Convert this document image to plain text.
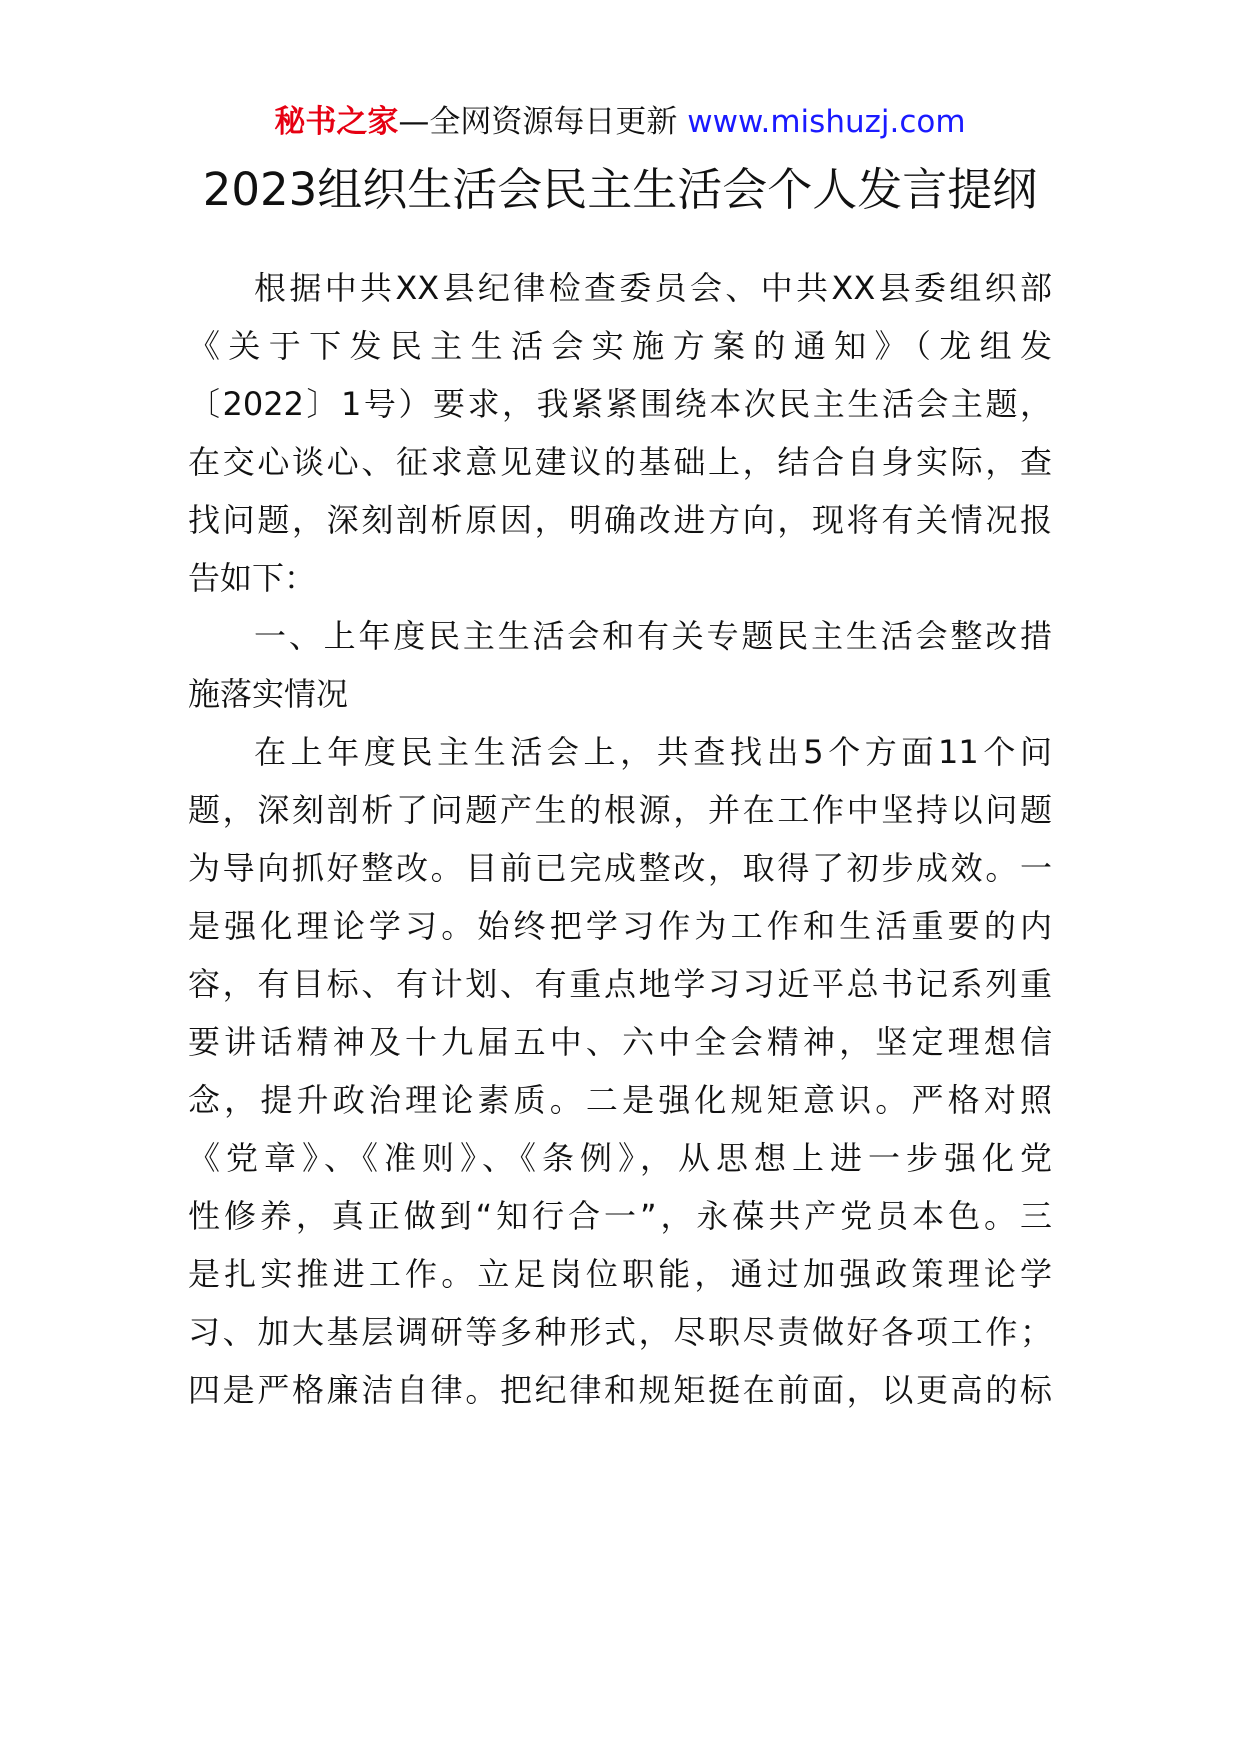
秘书之家—全网资源每日更新 www.mishuzj.com
2023组织生活会民主生活会个人发言提纲
根据中共XX县纪律检查委员会、中共XX县委组织部
《关于下发民主生活会实施方案的通知》（龙组发
〔2022〕1号）要求，我紧紧围绕本次民主生活会主题，
在交心谈心、征求意见建议的基础上，结合自身实际，查
找问题，深刻剖析原因，明确改进方向，现将有关情况报
告如下：
一、上年度民主生活会和有关专题民主生活会整改措
施落实情况
在上年度民主生活会上，共查找出5个方面11个问
题，深刻剖析了问题产生的根源，并在工作中坚持以问题
为导向抓好整改。目前已完成整改，取得了初步成效。一
是强化理论学习。始终把学习作为工作和生活重要的内
容，有目标、有计划、有重点地学习习近平总书记系列重
要讲话精神及十九届五中、六中全会精神，坚定理想信
念，提升政治理论素质。二是强化规矩意识。严格对照
《党章》、《准则》、《条例》，从思想上进一步强化党
性修养，真正做到“知行合一”，永葆共产党员本色。三
是扎实推进工作。立足岗位职能，通过加强政策理论学
习、加大基层调研等多种形式，尽职尽责做好各项工作；
四是严格廉洁自律。把纪律和规矩挺在前面，以更高的标
